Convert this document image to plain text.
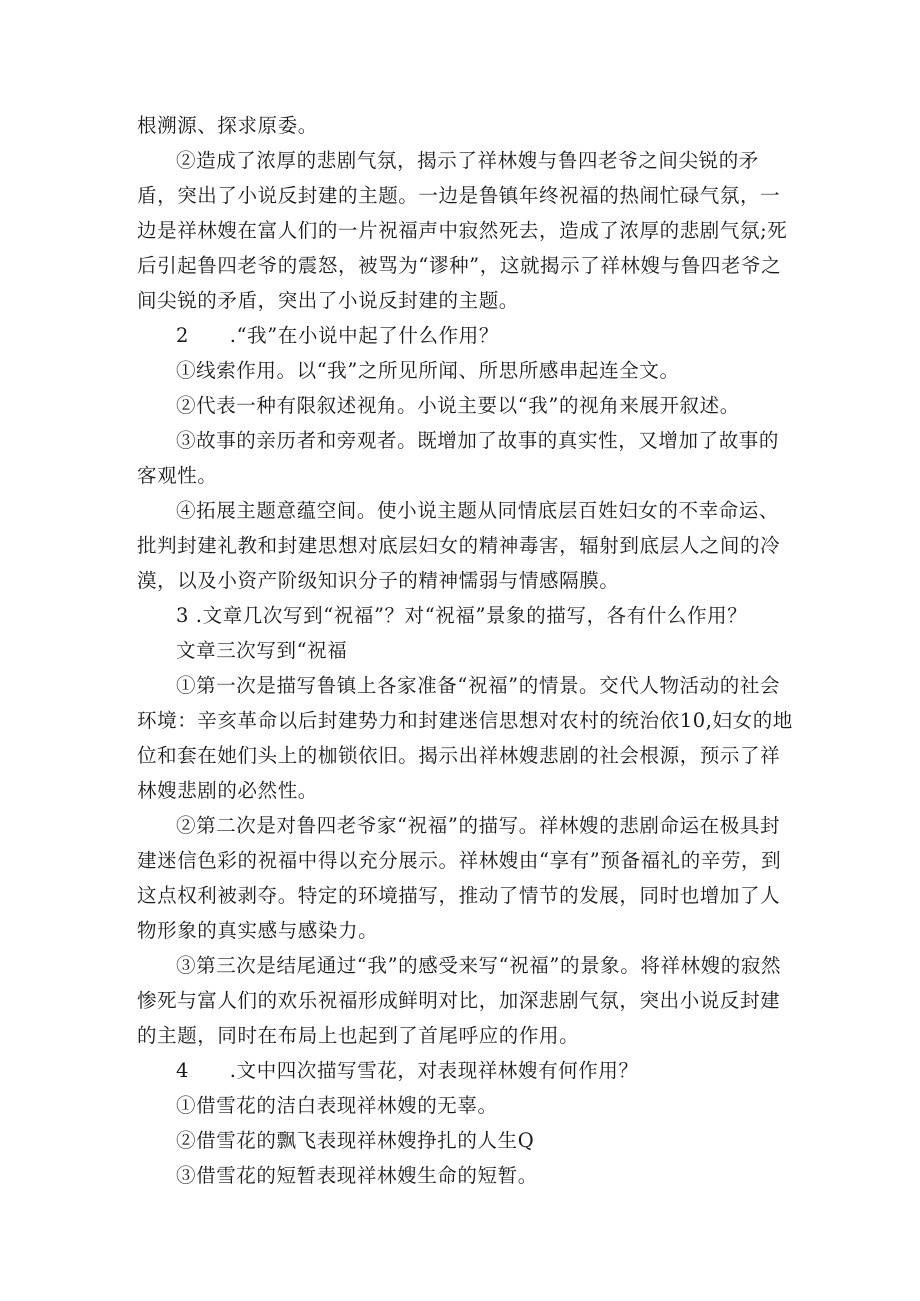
根溯源、探求原委。

②造成了浓厚的悲剧气氛，揭示了祥林嫂与鲁四老爷之间尖锐的矛盾，突出了小说反封建的主题。一边是鲁镇年终祝福的热闹忙碌气氛，一边是祥林嫂在富人们的一片祝福声中寂然死去，造成了浓厚的悲剧气氛;死后引起鲁四老爷的震怒，被骂为“谬种”，这就揭示了祥林嫂与鲁四老爷之间尖锐的矛盾，突出了小说反封建的主题。

2      .“我”在小说中起了什么作用？

①线索作用。以“我”之所见所闻、所思所感串起连全文。

②代表一种有限叙述视角。小说主要以“我”的视角来展开叙述。

③故事的亲历者和旁观者。既增加了故事的真实性，又增加了故事的客观性。

④拓展主题意蕴空间。使小说主题从同情底层百姓妇女的不幸命运、批判封建礼教和封建思想对底层妇女的精神毒害，辐射到底层人之间的冷漠，以及小资产阶级知识分子的精神懦弱与情感隔膜。

3 .文章几次写到“祝福”？对“祝福”景象的描写，各有什么作用？

文章三次写到“祝福

①第一次是描写鲁镇上各家准备“祝福”的情景。交代人物活动的社会环境：辛亥革命以后封建势力和封建迷信思想对农村的统治依10,妇女的地位和套在她们头上的枷锁依旧。揭示出祥林嫂悲剧的社会根源，预示了祥林嫂悲剧的必然性。

②第二次是对鲁四老爷家“祝福”的描写。祥林嫂的悲剧命运在极具封建迷信色彩的祝福中得以充分展示。祥林嫂由“享有”预备福礼的辛劳，到这点权利被剥夺。特定的环境描写，推动了情节的发展，同时也增加了人物形象的真实感与感染力。

③第三次是结尾通过“我”的感受来写“祝福”的景象。将祥林嫂的寂然惨死与富人们的欢乐祝福形成鲜明对比，加深悲剧气氛，突出小说反封建的主题，同时在布局上也起到了首尾呼应的作用。

4      .文中四次描写雪花，对表现祥林嫂有何作用？

①借雪花的洁白表现祥林嫂的无辜。

②借雪花的飘飞表现祥林嫂挣扎的人生Q

③借雪花的短暂表现祥林嫂生命的短暂。
